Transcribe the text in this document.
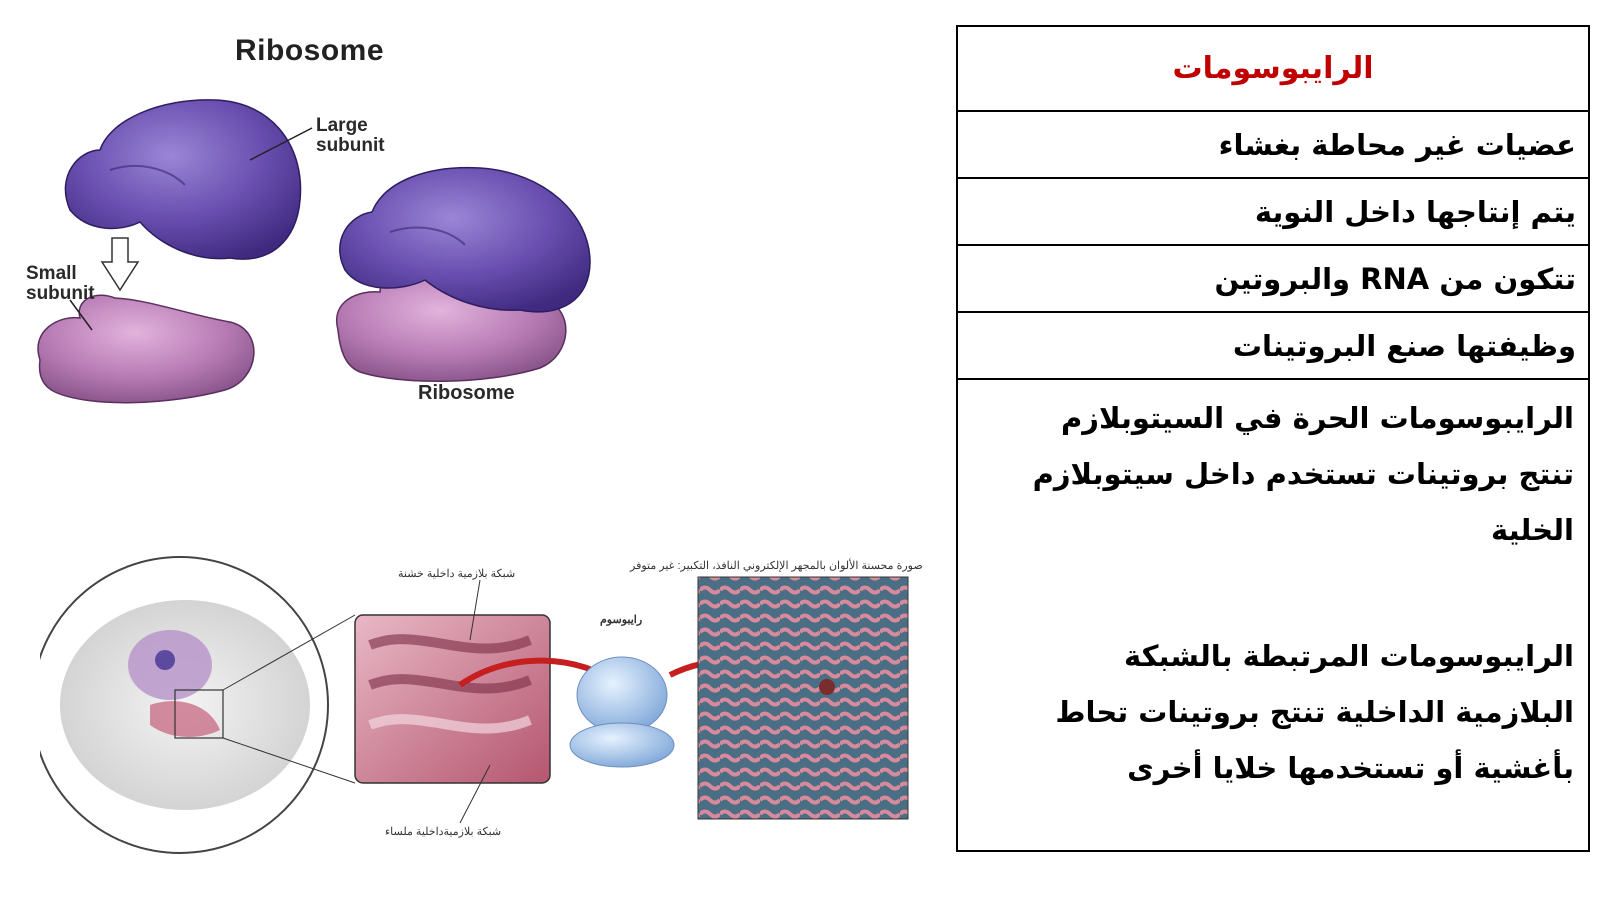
Ribosome
Large
subunit
Small
subunit
Ribosome
شبكة بلازمية داخلية خشنة
رايبوسوم
صورة محسنة الألوان بالمجهر الإلكتروني النافذ، التكبير: غير متوفر
شبكة بلازميةداخلية ملساء
الرايبوسومات
عضيات غير محاطة بغشاء
يتم إنتاجها داخل النوية
تتكون من RNA والبروتين
وظيفتها صنع البروتينات

الرايبوسومات الحرة في السيتوبلازم

تنتج بروتينات تستخدم داخل سيتوبلازم

الخلية

الرايبوسومات المرتبطة بالشبكة

البلازمية الداخلية تنتج بروتينات تحاط

بأغشية أو تستخدمها خلايا أخرى
